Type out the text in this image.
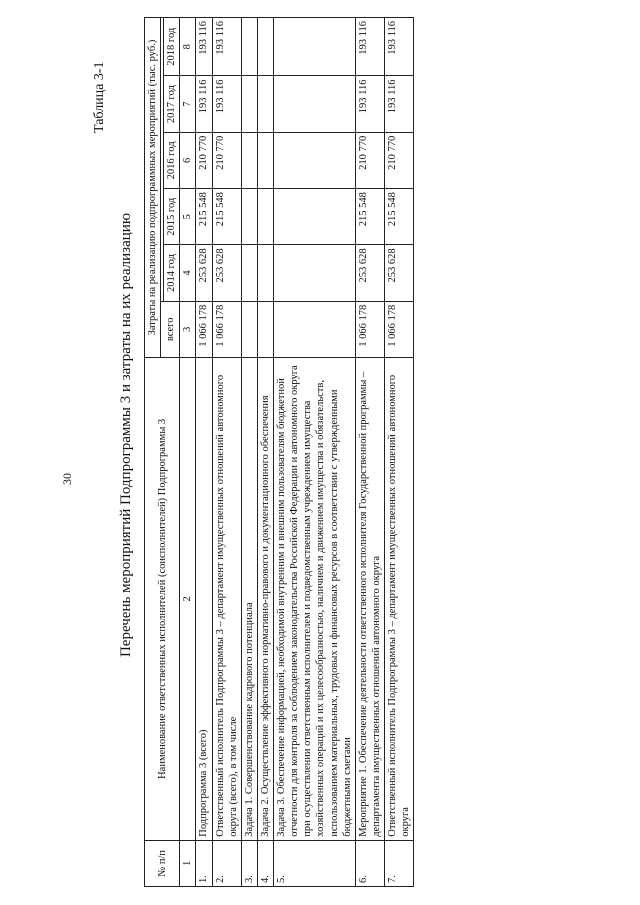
30
Таблица 3-1
Перечень мероприятий Подпрограммы 3 и затраты на их реализацию
№ п/п	Наименование ответственных исполнителей (соисполнителей) Подпрограммы 3	Затраты на реализацию подпрограммных мероприятий (тыс. руб.)					
		всего					
			2014 год	2015 год	2016 год	2017 год	2018 год
1	2	3	4	5	6	7	8
1.	Подпрограмма 3 (всего)	1 066 178	253 628	215 548	210 770	193 116	193 116
2.	Ответственный исполнитель Подпрограммы 3 – департамент имущественных отношений автономного округа (всего), в том числе	1 066 178	253 628	215 548	210 770	193 116	193 116
3.	Задача 1. Совершенствование кадрового потенциала						
4.	Задача 2. Осуществление эффективного нормативно-правового и документационного обеспечения						
5.	Задача 3. Обеспечение информацией, необходимой внутренним и внешним пользователям бюджетной отчетности для контроля за соблюдением законодательства Российской Федерации и автономного округа при осуществлении ответственным исполнителем и подведомственным учреждением имущества хозяйственных операций и их целесообразностью, наличием и движением имущества и обязательств, использованием материальных, трудовых и финансовых ресурсов в соответствии с утвержденными бюджетными сметами						
6.	Мероприятие 1. Обеспечение деятельности ответственного исполнителя Государственной программы – департамента имущественных отношений автономного округа	1 066 178	253 628	215 548	210 770	193 116	193 116
7.	Ответственный исполнитель Подпрограммы 3 – департамент имущественных отношений автономного округа	1 066 178	253 628	215 548	210 770	193 116	193 116
